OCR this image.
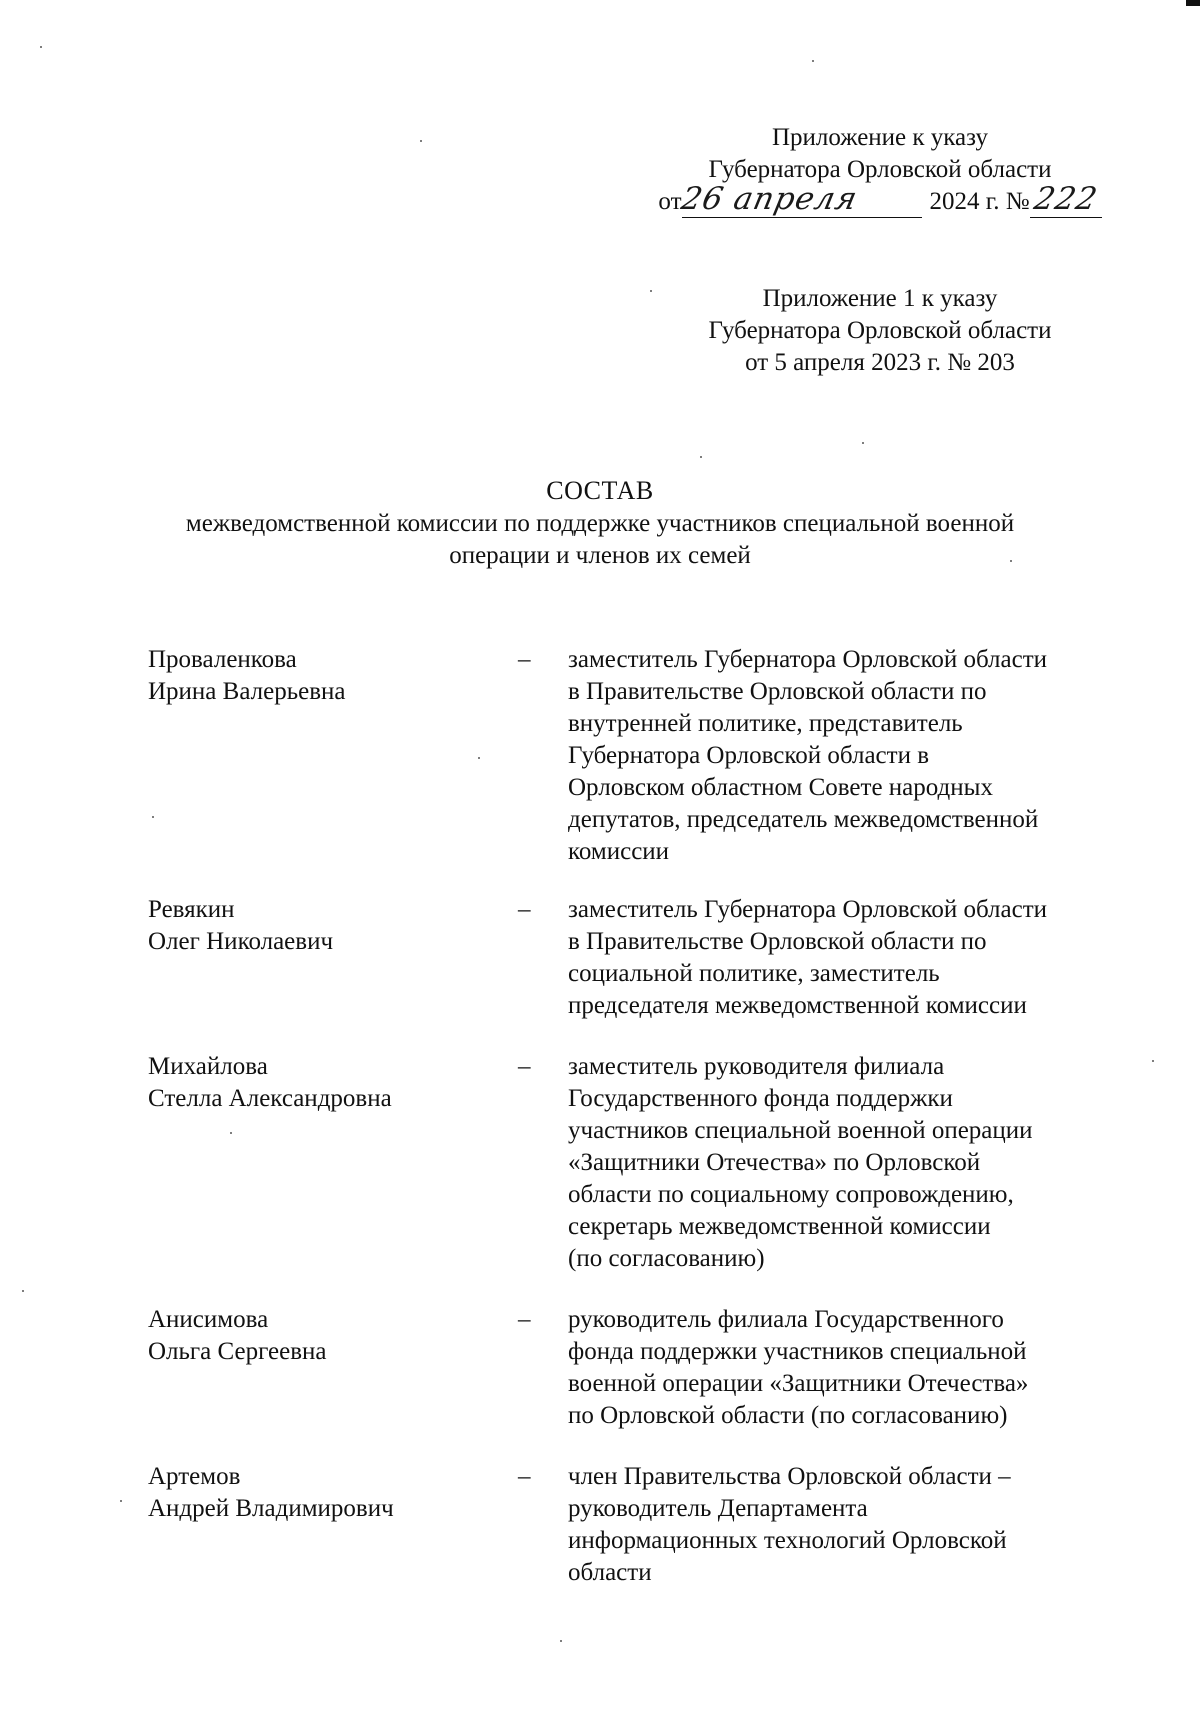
Приложение к указу
Губернатора Орловской области
от
26 апреля	2024 г. № 222
Приложение 1 к указу
Губернатора Орловской области
от 5 апреля 2023 г. № 203
СОСТАВ
межведомственной комиссии по поддержке участников специальной военной
операции и членов их семей
Проваленкова
Ирина Валерьевна
–	заместитель Губернатора Орловской области
в Правительстве Орловской области по
внутренней политике, представитель
Губернатора Орловской области в
Орловском областном Совете народных
депутатов, председатель межведомственной
комиссии
Ревякин
Олег Николаевич
–	заместитель Губернатора Орловской области
в Правительстве Орловской области по
социальной политике, заместитель
председателя межведомственной комиссии
Михайлова
Стелла Александровна
–	заместитель руководителя филиала
Государственного фонда поддержки
участников специальной военной операции
«Защитники Отечества» по Орловской
области по социальному сопровождению,
секретарь межведомственной комиссии
(по согласованию)
Анисимова
Ольга Сергеевна
–	руководитель филиала Государственного
фонда поддержки участников специальной
военной операции «Защитники Отечества»
по Орловской области (по согласованию)
Артемов
Андрей Владимирович
–	член Правительства Орловской области –
руководитель Департамента
информационных технологий Орловской
области
